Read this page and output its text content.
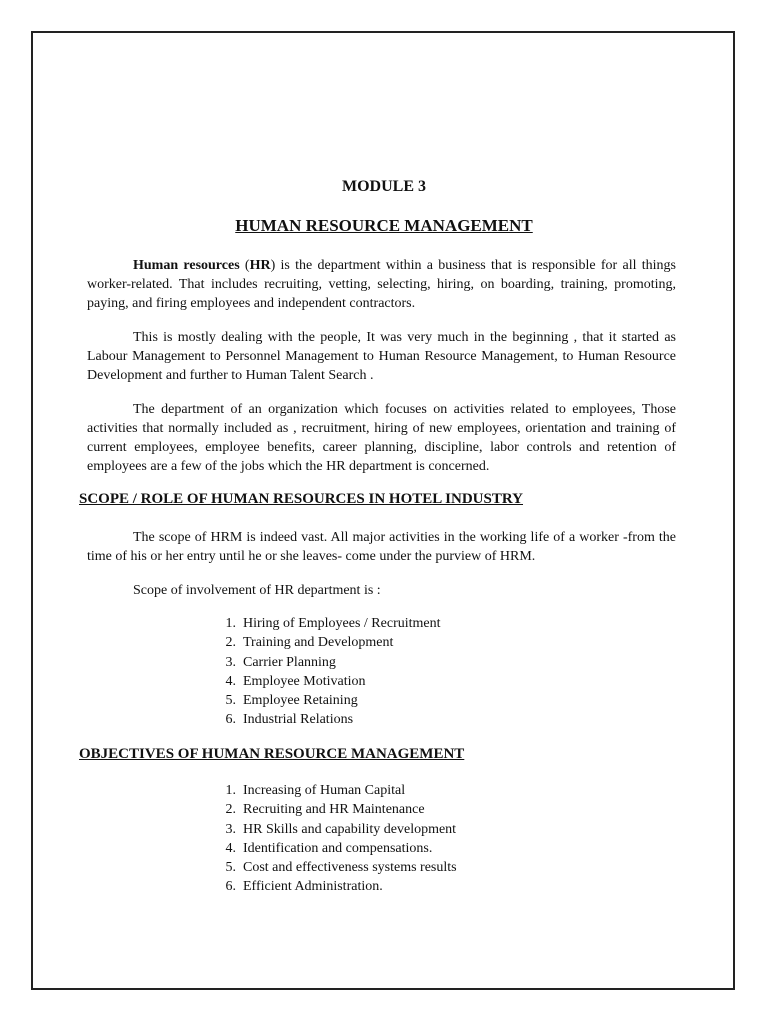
MODULE 3
HUMAN RESOURCE MANAGEMENT

Human resources (HR) is the department within a business that is responsible for all things worker-related. That includes recruiting, vetting, selecting, hiring, on boarding, training, promoting, paying, and firing employees and independent contractors.

This is mostly dealing with the people, It was very much in the beginning , that it started as Labour Management to Personnel Management to Human Resource Management, to Human Resource Development and further to Human Talent Search .

The department of an organization which focuses on activities related to employees, Those activities that normally included as , recruitment, hiring of new employees, orientation and training of current employees, employee benefits, career planning, discipline, labor controls and retention of employees are a few of the jobs which the HR department is concerned.

SCOPE / ROLE OF HUMAN RESOURCES IN HOTEL INDUSTRY

The scope of HRM is indeed vast. All major activities in the working life of a worker -from the time of his or her entry until he or she leaves- come under the purview of HRM.

Scope of involvement of HR department is :

1. Hiring of Employees / Recruitment
2. Training and Development
3. Carrier Planning
4. Employee Motivation
5. Employee Retaining
6. Industrial Relations
OBJECTIVES OF HUMAN RESOURCE MANAGEMENT
1. Increasing of Human Capital
2. Recruiting and HR Maintenance
3. HR Skills and capability development
4. Identification and compensations.
5. Cost and effectiveness systems results
6. Efficient Administration.
